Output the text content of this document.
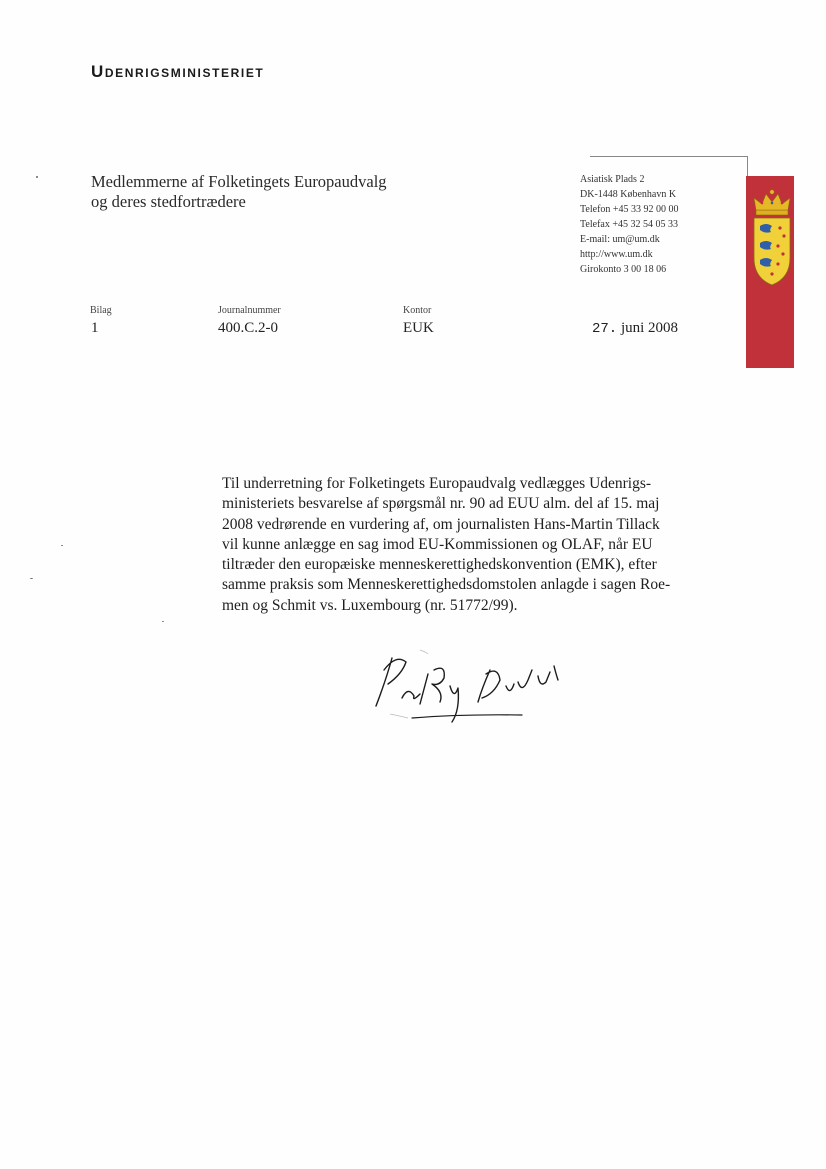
Udenrigsministeriet
Medlemmerne af Folketingets Europaudvalg
og deres stedfortrædere
Asiatisk Plads 2
DK-1448 København K
Telefon +45 33 92 00 00
Telefax +45 32 54 05 33
E-mail: um@um.dk
http://www.um.dk
Girokonto 3 00 18 06
Bilag
1
Journalnummer
400.C.2-0
Kontor
EUK	27. juni 2008
Til underretning for Folketingets Europaudvalg vedlægges Udenrigs-
ministeriets besvarelse af spørgsmål nr. 90 ad EUU alm. del af 15. maj
2008 vedrørende en vurdering af, om journalisten Hans-Martin Tillack
vil kunne anlægge en sag imod EU-Kommissionen og OLAF, når EU
tiltræder den europæiske menneskerettighedskonvention (EMK), efter
samme praksis som Menneskerettighedsdomstolen anlagde i sagen Roe-
men og Schmit vs. Luxembourg (nr. 51772/99).
